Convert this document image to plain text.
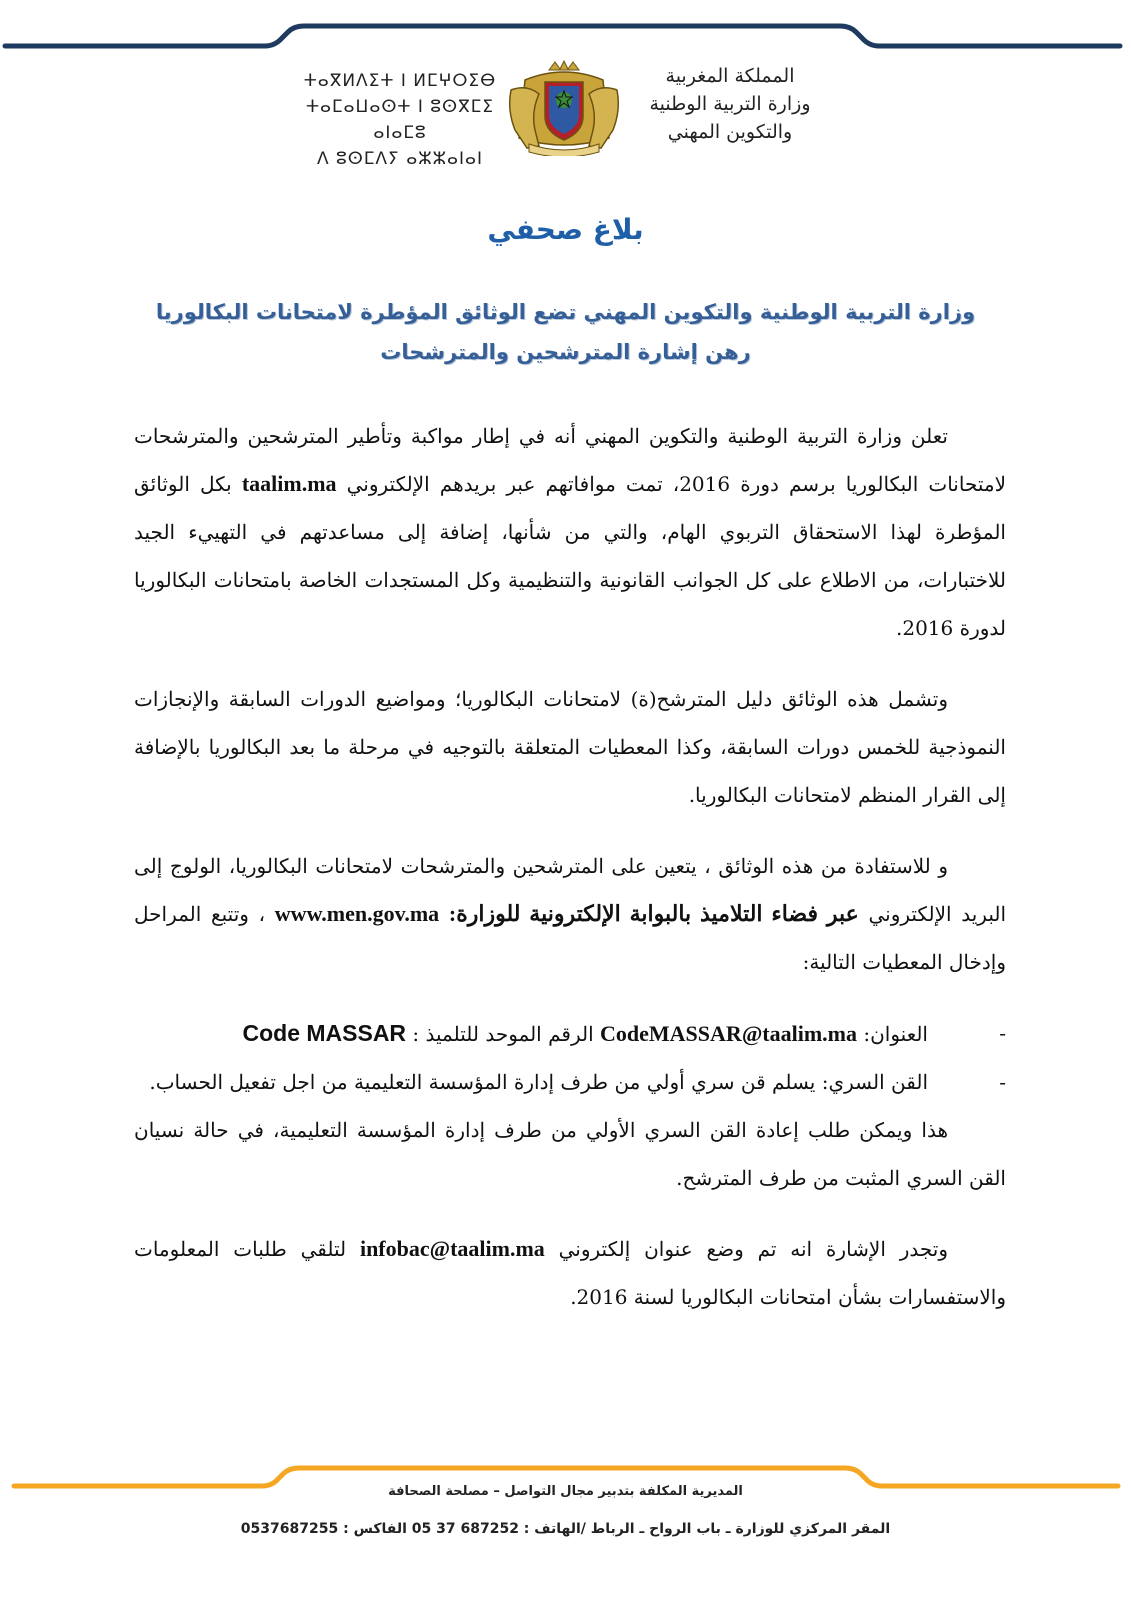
ⵜⴰⴳⵍⴷⵉⵜ ⵏ ⵍⵎⵖⵔⵉⴱ
ⵜⴰⵎⴰⵡⴰⵙⵜ ⵏ ⵓⵙⴳⵎⵉ ⴰⵏⴰⵎⵓ
ⴷ ⵓⵙⵎⴷⵢ ⴰⵣⵣⴰⵏⴰⵏ
المملكة المغربية
وزارة التربية الوطنية
والتكوين المهني
بلاغ صحفي
وزارة التربية الوطنية والتكوين المهني تضع الوثائق المؤطرة لامتحانات البكالوريا
رهن إشارة المترشحين والمترشحات

تعلن وزارة التربية الوطنية والتكوين المهني أنه في إطار مواكبة وتأطير المترشحين والمترشحات لامتحانات البكالوريا برسم دورة 2016، تمت موافاتهم عبر بريدهم الإلكتروني taalim.ma بكل الوثائق المؤطرة لهذا الاستحقاق التربوي الهام، والتي من شأنها، إضافة إلى مساعدتهم في التهييء الجيد للاختبارات، من الاطلاع على كل الجوانب القانونية والتنظيمية وكل المستجدات الخاصة بامتحانات البكالوريا لدورة 2016.

وتشمل هذه الوثائق دليل المترشح(ة) لامتحانات البكالوريا؛ ومواضيع الدورات السابقة والإنجازات النموذجية للخمس دورات السابقة، وكذا المعطيات المتعلقة بالتوجيه في مرحلة ما بعد البكالوريا بالإضافة إلى القرار المنظم لامتحانات البكالوريا.

و للاستفادة من هذه الوثائق ، يتعين على المترشحين والمترشحات لامتحانات البكالوريا، الولوج إلى البريد الإلكتروني عبر فضاء التلاميذ بالبوابة الإلكترونية للوزارة: www.men.gov.ma ، وتتبع المراحل وإدخال المعطيات التالية:

-
العنوان: CodeMASSAR@taalim.ma الرقم الموحد للتلميذ : Code MASSAR
-
القن السري: يسلم قن سري أولي من طرف إدارة المؤسسة التعليمية من اجل تفعيل الحساب.

هذا ويمكن طلب إعادة القن السري الأولي من طرف إدارة المؤسسة التعليمية، في حالة نسيان القن السري المثبت من طرف المترشح.

وتجدر الإشارة انه تم وضع عنوان إلكتروني infobac@taalim.ma لتلقي طلبات المعلومات والاستفسارات بشأن امتحانات البكالوريا لسنة 2016.

المديرية المكلفة بتدبير مجال التواصل – مصلحة الصحافة
المقر المركزي للوزارة ـ باب الرواح ـ الرباط /الهاتف : 687252 37 05 الفاكس : 0537687255
